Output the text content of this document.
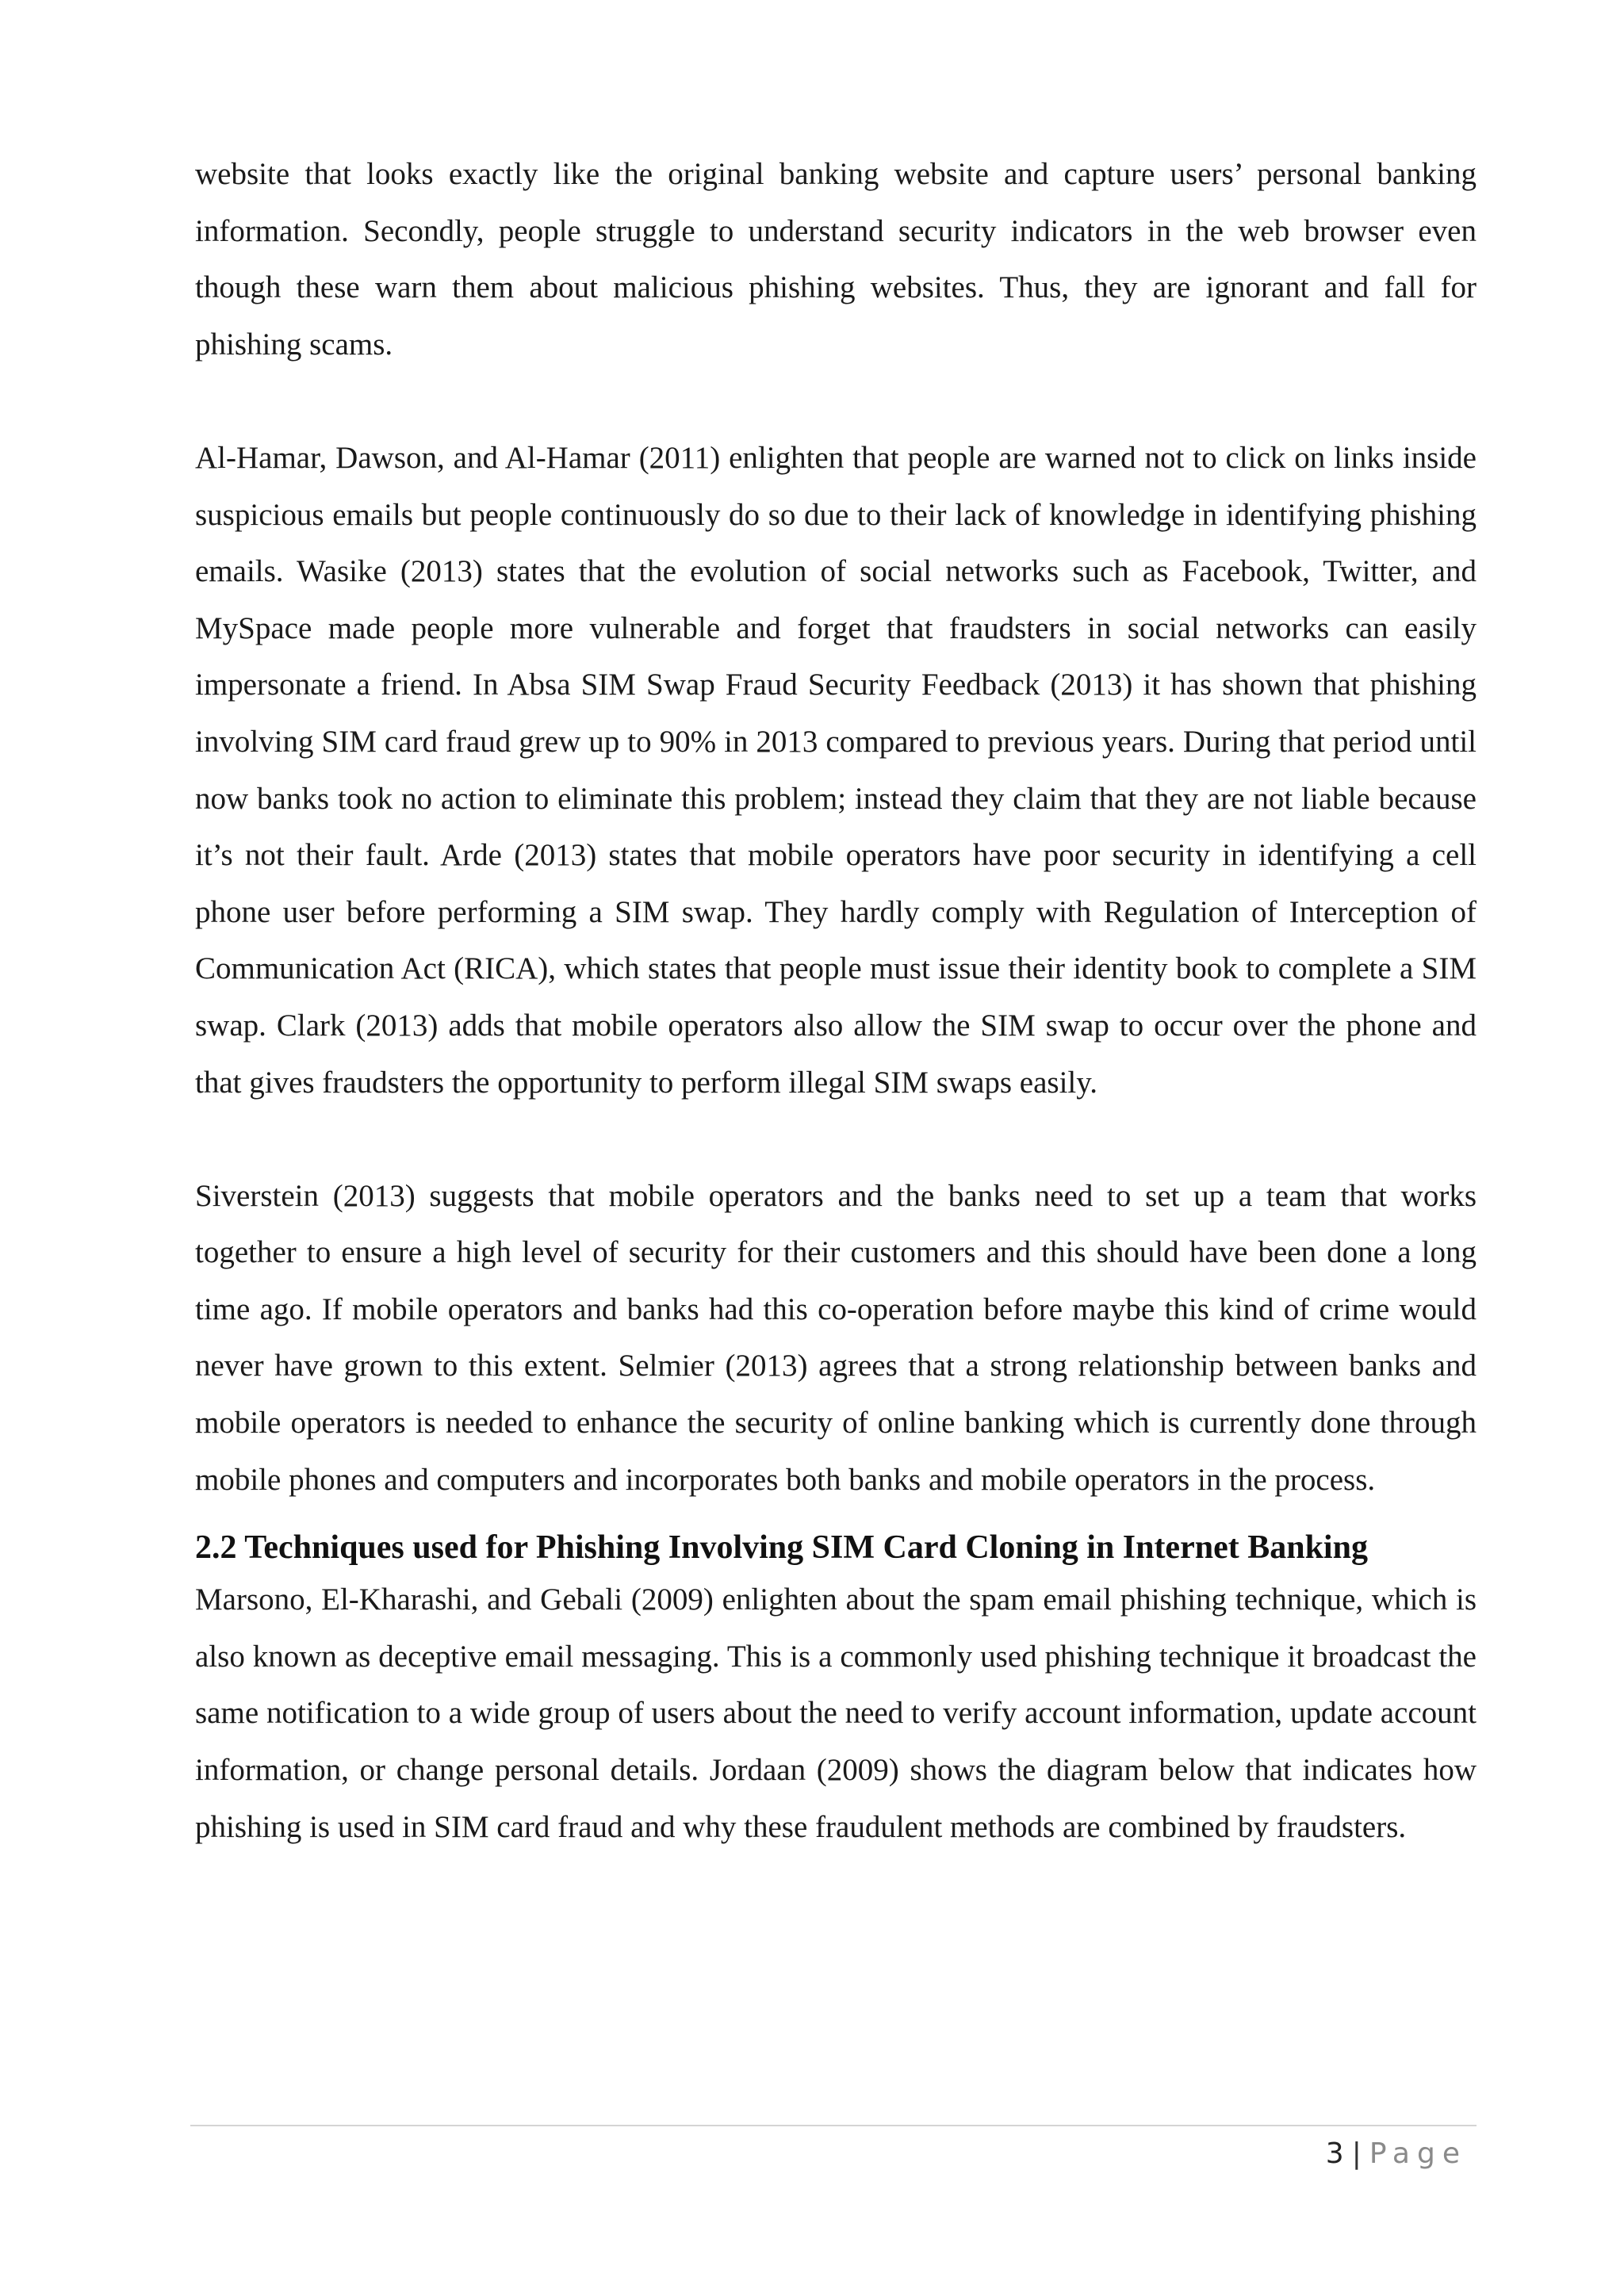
website that looks exactly like the original banking website and capture users’ personal banking information. Secondly, people struggle to understand security indicators in the web browser even though these warn them about malicious phishing websites. Thus, they are ignorant and fall for phishing scams.

Al-Hamar, Dawson, and Al-Hamar (2011) enlighten that people are warned not to click on links inside suspicious emails but people continuously do so due to their lack of knowledge in identifying phishing emails. Wasike (2013) states that the evolution of social networks such as Facebook, Twitter, and MySpace made people more vulnerable and forget that fraudsters in social networks can easily impersonate a friend. In Absa SIM Swap Fraud Security Feedback (2013) it has shown that phishing involving SIM card fraud grew up to 90% in 2013 compared to previous years. During that period until now banks took no action to eliminate this problem; instead they claim that they are not liable because it’s not their fault. Arde (2013) states that mobile operators have poor security in identifying a cell phone user before performing a SIM swap. They hardly comply with Regulation of Interception of Communication Act (RICA), which states that people must issue their identity book to complete a SIM swap. Clark (2013) adds that mobile operators also allow the SIM swap to occur over the phone and that gives fraudsters the opportunity to perform illegal SIM swaps easily.

Siverstein (2013) suggests that mobile operators and the banks need to set up a team that works together to ensure a high level of security for their customers and this should have been done a long time ago. If mobile operators and banks had this co-operation before maybe this kind of crime would never have grown to this extent. Selmier (2013) agrees that a strong relationship between banks and mobile operators is needed to enhance the security of online banking which is currently done through mobile phones and computers and incorporates both banks and mobile operators in the process.

2.2 Techniques used for Phishing Involving SIM Card Cloning in Internet Banking

Marsono, El-Kharashi, and Gebali (2009) enlighten about the spam email phishing technique, which is also known as deceptive email messaging. This is a commonly used phishing technique it broadcast the same notification to a wide group of users about the need to verify account information, update account information, or change personal details. Jordaan (2009) shows the diagram below that indicates how phishing is used in SIM card fraud and why these fraudulent methods are combined by fraudsters.

3 | Page
